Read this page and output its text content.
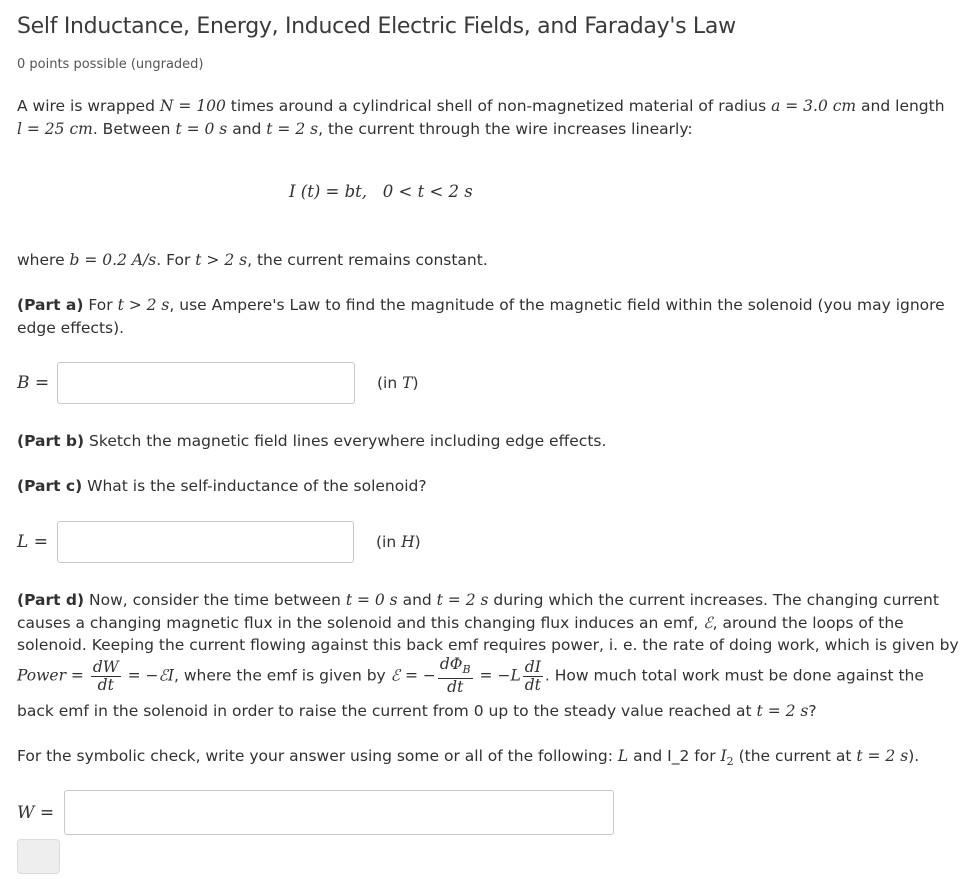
Self Inductance, Energy, Induced Electric Fields, and Faraday's Law
0 points possible (ungraded)
A wire is wrapped N = 100 times around a cylindrical shell of non-magnetized material of radius a = 3.0 cm and length
l = 25 cm. Between t = 0 s and t = 2 s, the current through the wire increases linearly:
I (t) = bt,   0 < t < 2 s
where b = 0.2 A/s. For t > 2 s, the current remains constant.
(Part a) For t > 2 s, use Ampere's Law to find the magnitude of the magnetic field within the solenoid (you may ignore edge effects).
B =	(in T)
(Part b) Sketch the magnetic field lines everywhere including edge effects.
(Part c) What is the self-inductance of the solenoid?
L =	(in H)
(Part d) Now, consider the time between t = 0 s and t = 2 s during which the current increases. The changing current causes a changing magnetic flux in the solenoid and this changing flux induces an emf, ℰ, around the loops of the solenoid. Keeping the current flowing against this back emf requires power, i. e. the rate of doing work, which is given by
Power = $\frac{dW}{dt}$ = −ℰI, where the emf is given by ℰ = − $\frac{d\Phi_B}{dt} = -L \frac{dI}{dt}$ . How much total work must be done against the
back emf in the solenoid in order to raise the current from 0 up to the steady value reached at t = 2 s?
For the symbolic check, write your answer using some or all of the following: L and I_2 for $I_2$ (the current at t = 2 s).
W =
